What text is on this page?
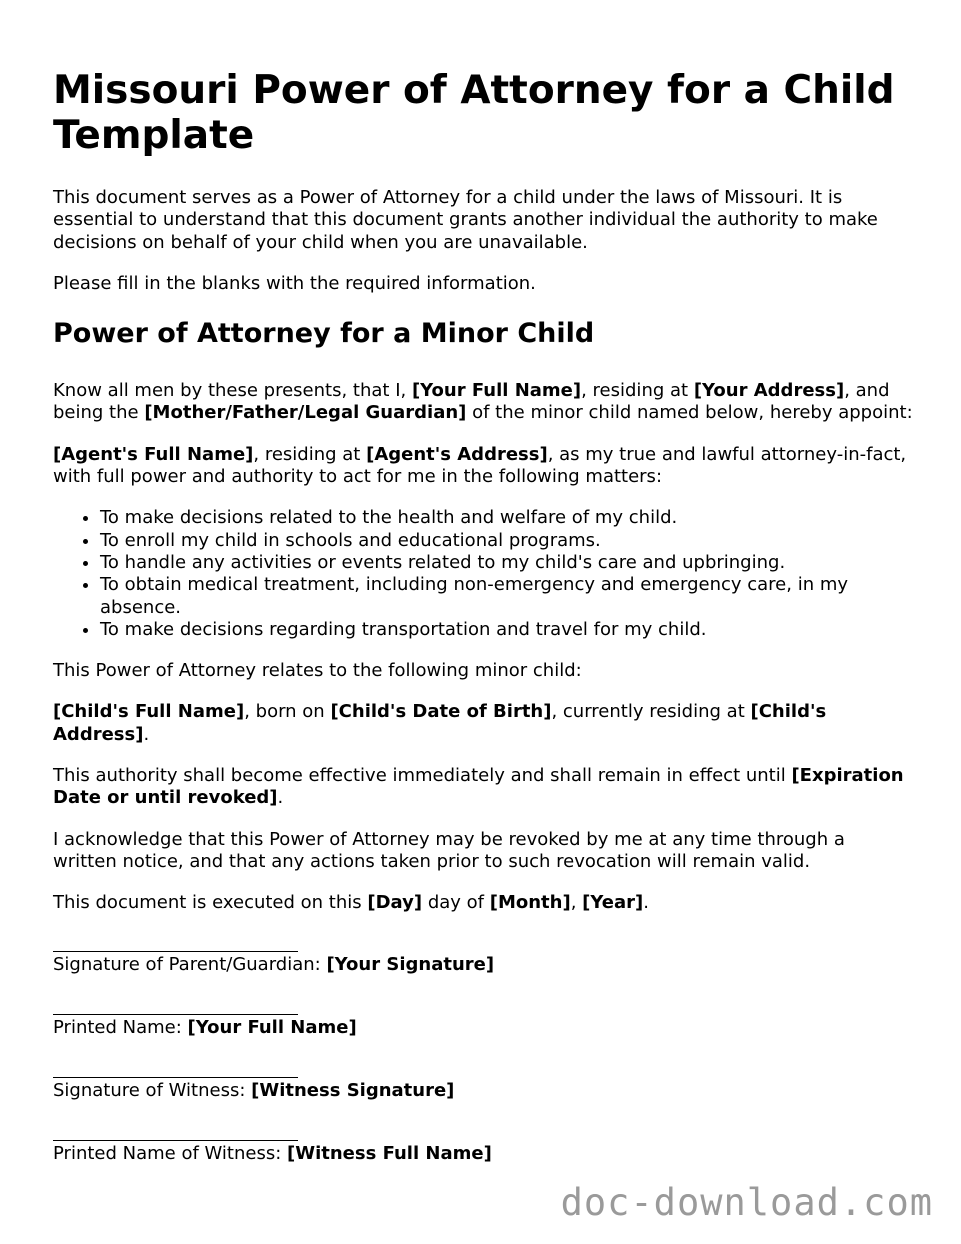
Missouri Power of Attorney for a Child Template

This document serves as a Power of Attorney for a child under the laws of Missouri. It is essential to understand that this document grants another individual the authority to make decisions on behalf of your child when you are unavailable.

Please fill in the blanks with the required information.

Power of Attorney for a Minor Child

Know all men by these presents, that I, [Your Full Name], residing at [Your Address], and being the [Mother/Father/Legal Guardian] of the minor child named below, hereby appoint:

[Agent's Full Name], residing at [Agent's Address], as my true and lawful attorney-in-fact, with full power and authority to act for me in the following matters:

• To make decisions related to the health and welfare of my child.
• To enroll my child in schools and educational programs.
• To handle any activities or events related to my child's care and upbringing.
• To obtain medical treatment, including non-emergency and emergency care, in my absence.
• To make decisions regarding transportation and travel for my child.

This Power of Attorney relates to the following minor child:

[Child's Full Name], born on [Child's Date of Birth], currently residing at [Child's Address].

This authority shall become effective immediately and shall remain in effect until [Expiration Date or until revoked].

I acknowledge that this Power of Attorney may be revoked by me at any time through a written notice, and that any actions taken prior to such revocation will remain valid.

This document is executed on this [Day] day of [Month], [Year].

Signature of Parent/Guardian: [Your Signature]
Printed Name: [Your Full Name]
Signature of Witness: [Witness Signature]
Printed Name of Witness: [Witness Full Name]
doc-download.com
